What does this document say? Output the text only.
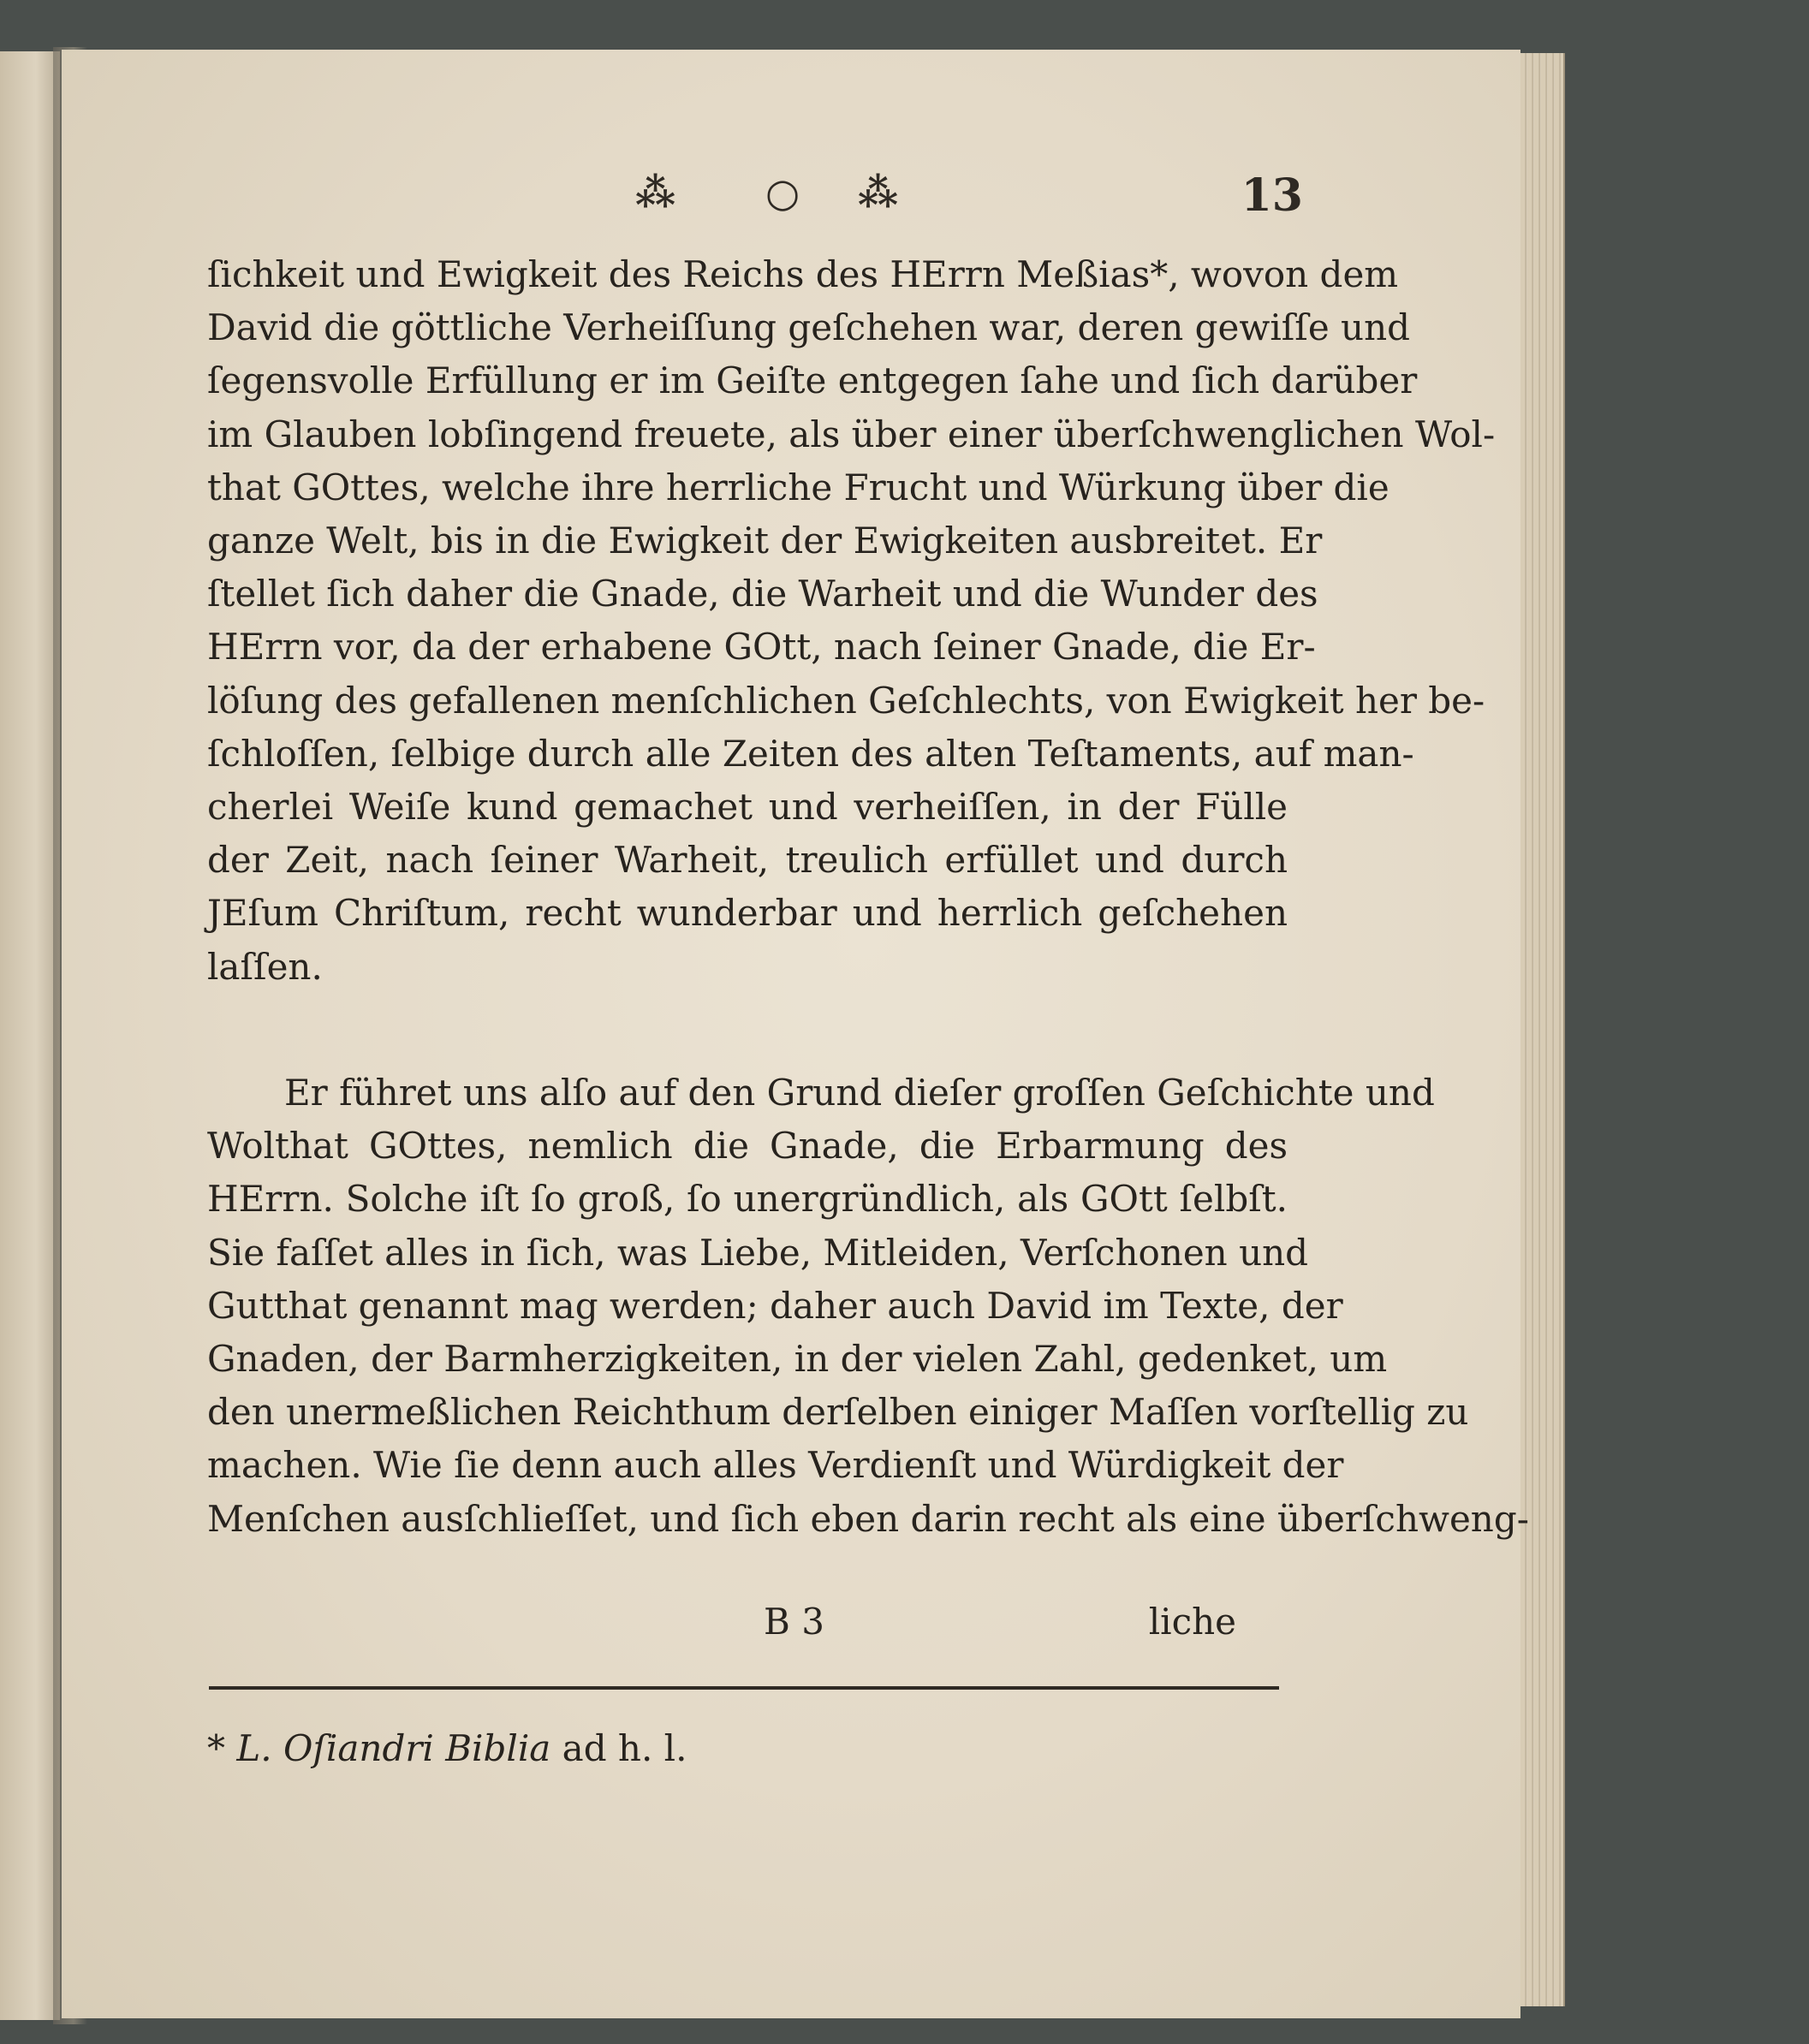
⁂ ○ ⁂	13
ſichkeit und Ewigkeit des Reichs des HErrn Meßias*, wovon dem
David die göttliche Verheiſſung geſchehen war, deren gewiſſe und
ſegensvolle Erfüllung er im Geiſte entgegen ſahe und ſich darüber
im Glauben lobſingend freuete, als über einer überſchwenglichen Wol-
that GOttes, welche ihre herrliche Frucht und Würkung über die
ganze Welt, bis in die Ewigkeit der Ewigkeiten ausbreitet. Er
ſtellet ſich daher die Gnade, die Warheit und die Wunder des
HErrn vor, da der erhabene GOtt, nach ſeiner Gnade, die Er-
löſung des gefallenen menſchlichen Geſchlechts, von Ewigkeit her be-
ſchloſſen, ſelbige durch alle Zeiten des alten Teſtaments, auf man-
cherlei Weiſe kund gemachet und verheiſſen, in der Fülle
der Zeit, nach ſeiner Warheit, treulich erfüllet und durch
JEſum Chriſtum, recht wunderbar und herrlich geſchehen
laſſen.
Er führet uns alſo auf den Grund dieſer groſſen Geſchichte und
Wolthat GOttes, nemlich die Gnade, die Erbarmung des
HErrn. Solche iſt ſo groß, ſo unergründlich, als GOtt ſelbſt.
Sie faſſet alles in ſich, was Liebe, Mitleiden, Verſchonen und
Gutthat genannt mag werden; daher auch David im Texte, der
Gnaden, der Barmherzigkeiten, in der vielen Zahl, gedenket, um
den unermeßlichen Reichthum derſelben einiger Maſſen vorſtellig zu
machen. Wie ſie denn auch alles Verdienſt und Würdigkeit der
Menſchen ausſchlieſſet, und ſich eben darin recht als eine überſchweng-
B 3	liche
* L. Oſiandri Biblia ad h. l.
